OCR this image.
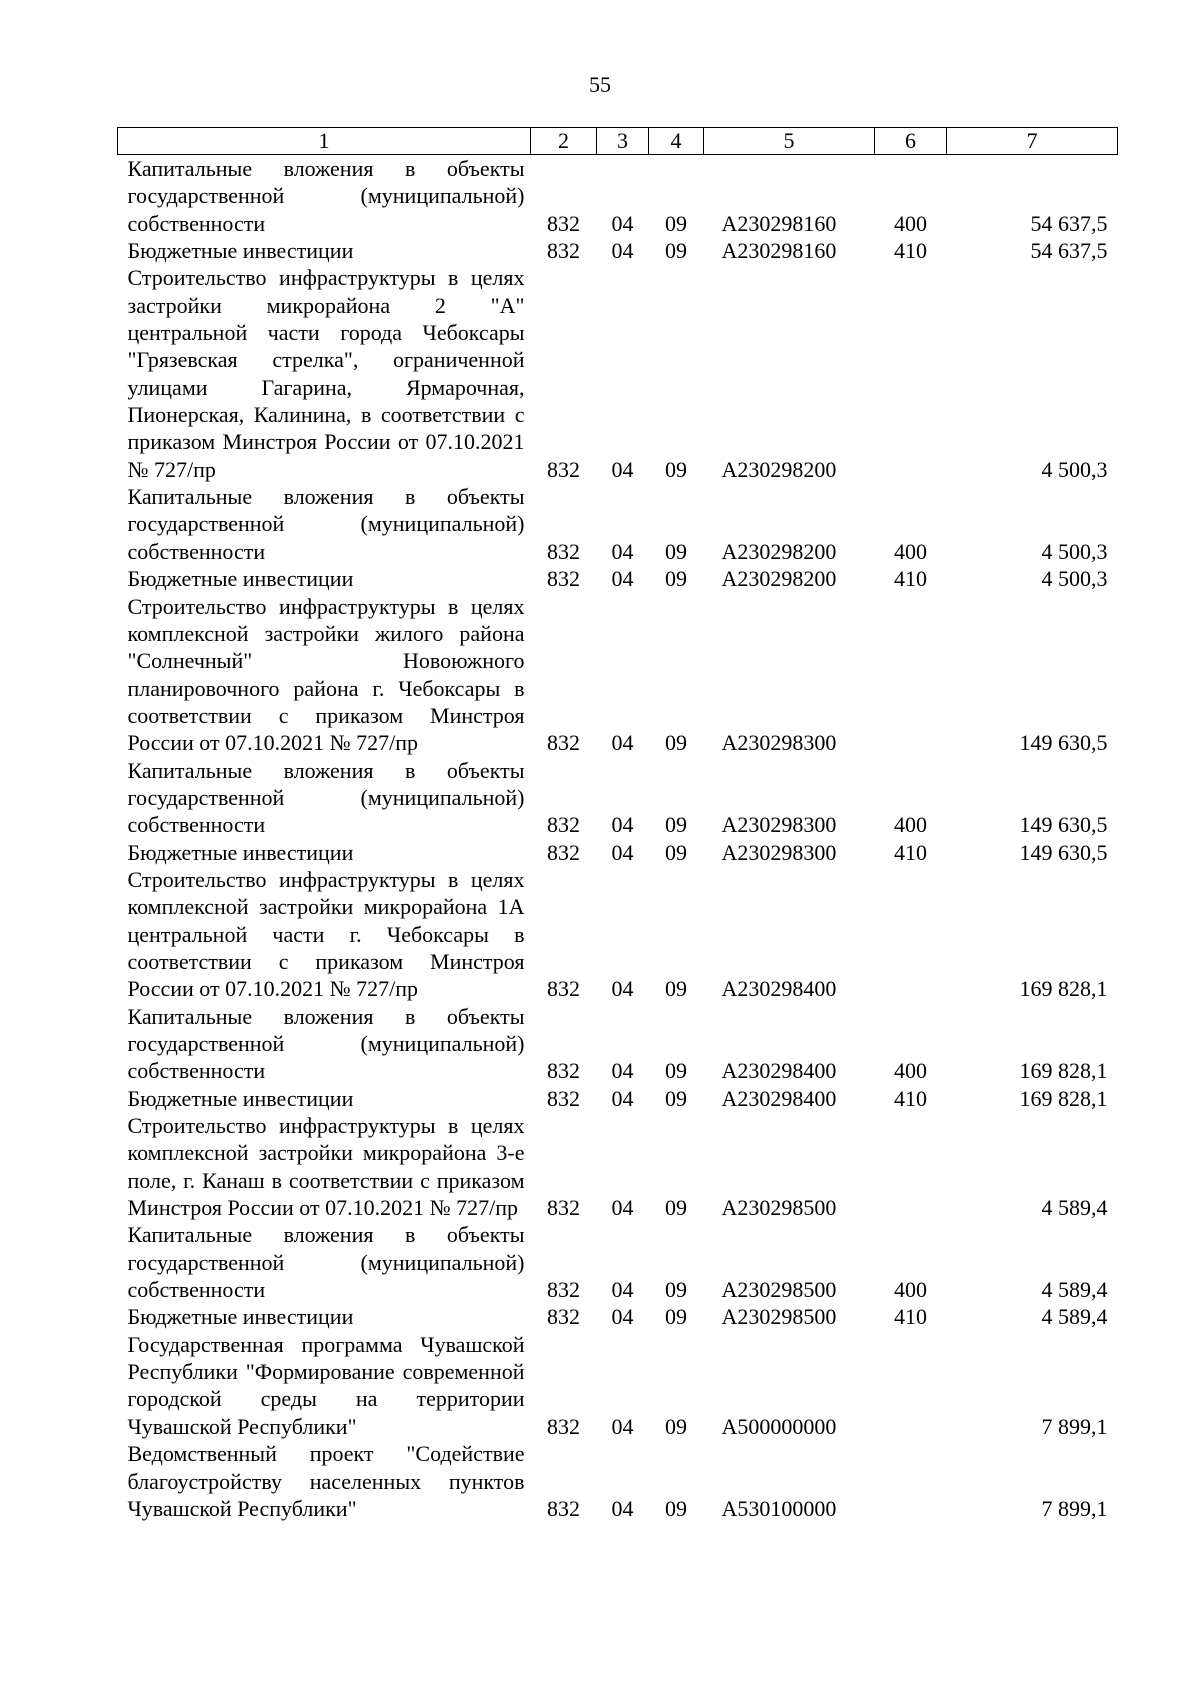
55
1	2	3	4	5	6	7
Капитальные вложения в объекты государственной (муниципальной) собственности	832	04	09	A230298160	400	54 637,5
Бюджетные инвестиции	832	04	09	A230298160	410	54 637,5
Строительство инфраструктуры в целях застройки микрорайона 2 "А" центральной части города Чебоксары "Грязевская стрелка", ограниченной улицами Гагарина, Ярмарочная, Пионерская, Калинина, в соответствии с приказом Минстроя России от 07.10.2021 № 727/пр	832	04	09	A230298200		4 500,3
Капитальные вложения в объекты государственной (муниципальной) собственности	832	04	09	A230298200	400	4 500,3
Бюджетные инвестиции	832	04	09	A230298200	410	4 500,3
Строительство инфраструктуры в целях комплексной застройки жилого района "Солнечный" Новоюжного планировочного района г. Чебоксары в соответствии с приказом Минстроя России от 07.10.2021 № 727/пр	832	04	09	A230298300		149 630,5
Капитальные вложения в объекты государственной (муниципальной) собственности	832	04	09	A230298300	400	149 630,5
Бюджетные инвестиции	832	04	09	A230298300	410	149 630,5
Строительство инфраструктуры в целях комплексной застройки микрорайона 1А центральной части г. Чебоксары в соответствии с приказом Минстроя России от 07.10.2021 № 727/пр	832	04	09	A230298400		169 828,1
Капитальные вложения в объекты государственной (муниципальной) собственности	832	04	09	A230298400	400	169 828,1
Бюджетные инвестиции	832	04	09	A230298400	410	169 828,1
Строительство инфраструктуры в целях комплексной застройки микрорайона 3-е поле, г. Канаш в соответствии с приказом Минстроя России от 07.10.2021 № 727/пр	832	04	09	A230298500		4 589,4
Капитальные вложения в объекты государственной (муниципальной) собственности	832	04	09	A230298500	400	4 589,4
Бюджетные инвестиции	832	04	09	A230298500	410	4 589,4
Государственная программа Чувашской Республики "Формирование современной городской среды на территории Чувашской Республики"	832	04	09	A500000000		7 899,1
Ведомственный проект "Содействие благоустройству населенных пунктов Чувашской Республики"	832	04	09	A530100000		7 899,1
